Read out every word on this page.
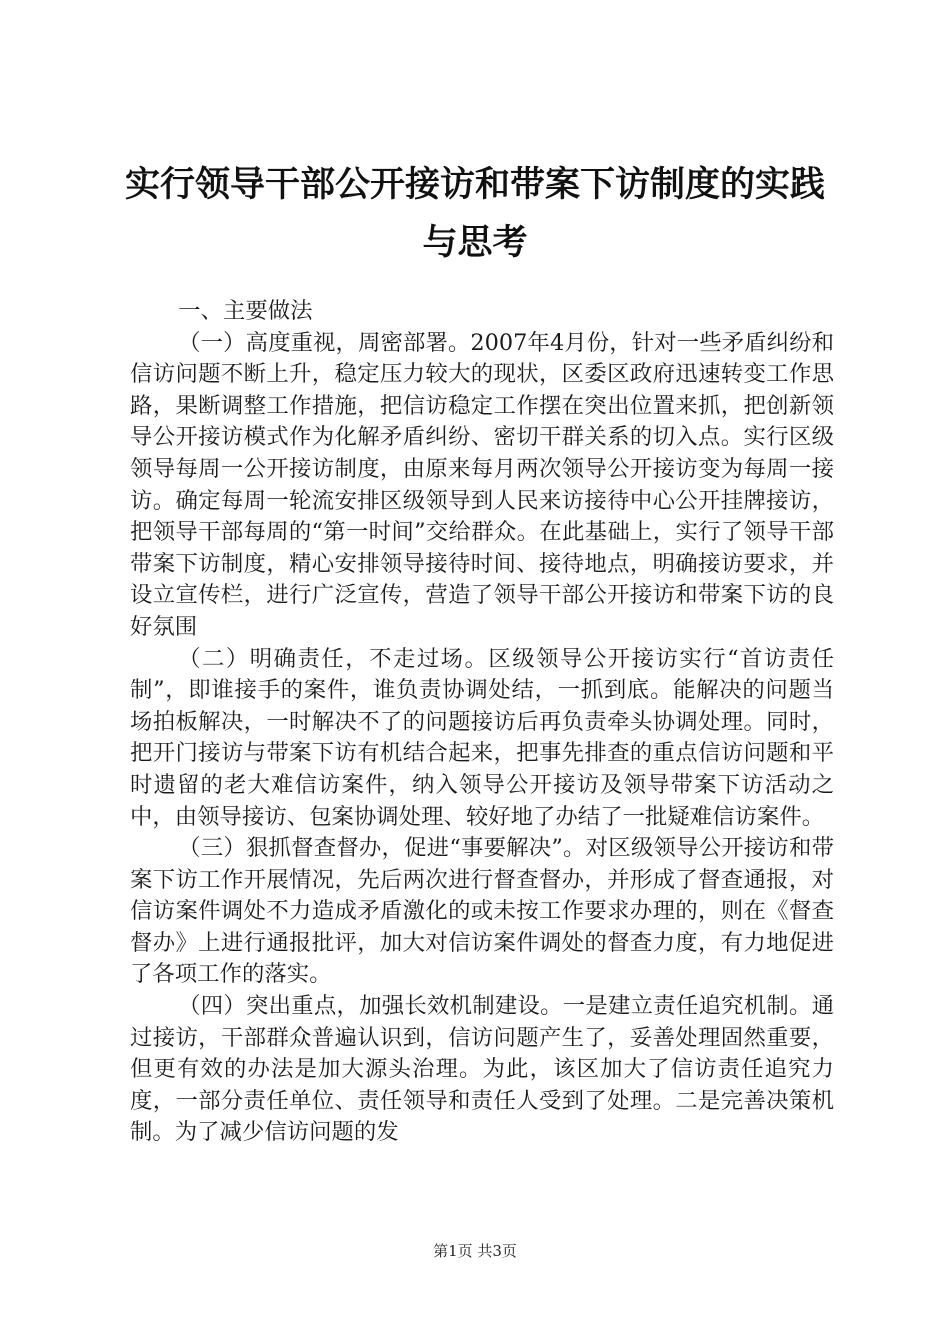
实行领导干部公开接访和带案下访制度的实践
与思考

一、主要做法

（一）高度重视，周密部署。2007年4月份，针对一些矛盾纠纷和信访问题不断上升，稳定压力较大的现状，区委区政府迅速转变工作思路，果断调整工作措施，把信访稳定工作摆在突出位置来抓，把创新领导公开接访模式作为化解矛盾纠纷、密切干群关系的切入点。实行区级领导每周一公开接访制度，由原来每月两次领导公开接访变为每周一接访。确定每周一轮流安排区级领导到人民来访接待中心公开挂牌接访，把领导干部每周的“第一时间”交给群众。在此基础上，实行了领导干部带案下访制度，精心安排领导接待时间、接待地点，明确接访要求，并设立宣传栏，进行广泛宣传，营造了领导干部公开接访和带案下访的良好氛围

（二）明确责任，不走过场。区级领导公开接访实行“首访责任制”，即谁接手的案件，谁负责协调处结，一抓到底。能解决的问题当场拍板解决，一时解决不了的问题接访后再负责牵头协调处理。同时，把开门接访与带案下访有机结合起来，把事先排查的重点信访问题和平时遗留的老大难信访案件，纳入领导公开接访及领导带案下访活动之中，由领导接访、包案协调处理、较好地了办结了一批疑难信访案件。

（三）狠抓督查督办，促进“事要解决”。对区级领导公开接访和带案下访工作开展情况，先后两次进行督查督办，并形成了督查通报，对信访案件调处不力造成矛盾激化的或未按工作要求办理的，则在《督查督办》上进行通报批评，加大对信访案件调处的督查力度，有力地促进了各项工作的落实。

（四）突出重点，加强长效机制建设。一是建立责任追究机制。通过接访，干部群众普遍认识到，信访问题产生了，妥善处理固然重要，但更有效的办法是加大源头治理。为此，该区加大了信访责任追究力度，一部分责任单位、责任领导和责任人受到了处理。二是完善决策机制。为了减少信访问题的发

第1页 共3页
